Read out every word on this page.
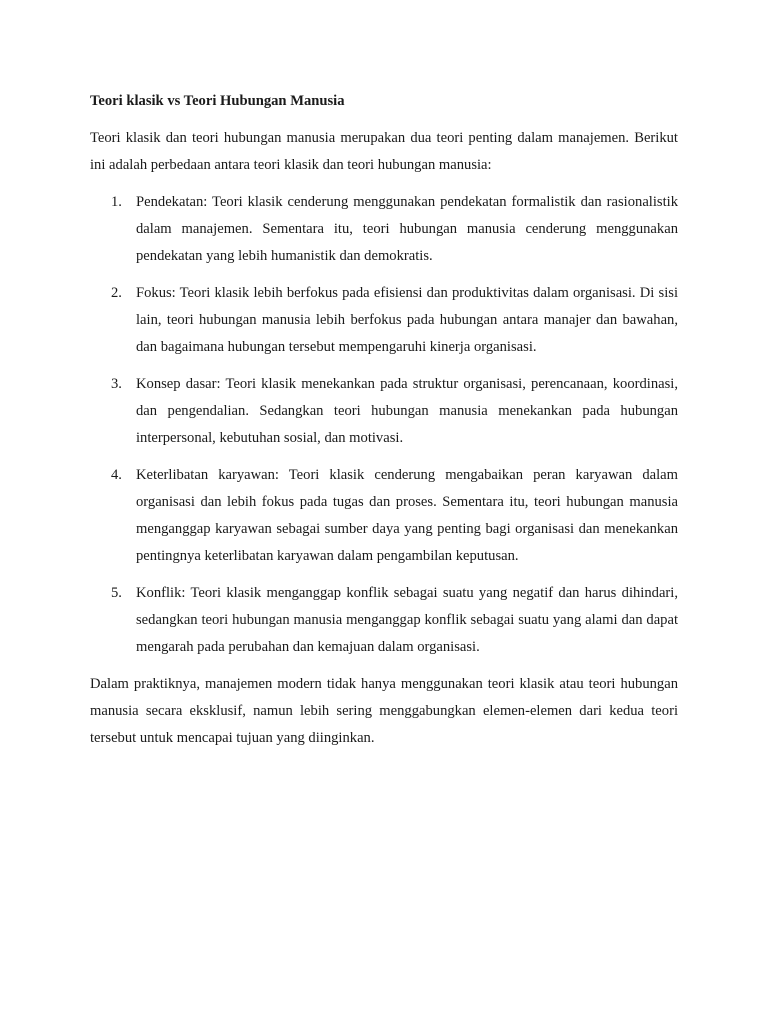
Teori klasik vs Teori Hubungan Manusia

Teori klasik dan teori hubungan manusia merupakan dua teori penting dalam manajemen. Berikut ini adalah perbedaan antara teori klasik dan teori hubungan manusia:

1. Pendekatan: Teori klasik cenderung menggunakan pendekatan formalistik dan rasionalistik dalam manajemen. Sementara itu, teori hubungan manusia cenderung menggunakan pendekatan yang lebih humanistik dan demokratis.
2. Fokus: Teori klasik lebih berfokus pada efisiensi dan produktivitas dalam organisasi. Di sisi lain, teori hubungan manusia lebih berfokus pada hubungan antara manajer dan bawahan, dan bagaimana hubungan tersebut mempengaruhi kinerja organisasi.
3. Konsep dasar: Teori klasik menekankan pada struktur organisasi, perencanaan, koordinasi, dan pengendalian. Sedangkan teori hubungan manusia menekankan pada hubungan interpersonal, kebutuhan sosial, dan motivasi.
4. Keterlibatan karyawan: Teori klasik cenderung mengabaikan peran karyawan dalam organisasi dan lebih fokus pada tugas dan proses. Sementara itu, teori hubungan manusia menganggap karyawan sebagai sumber daya yang penting bagi organisasi dan menekankan pentingnya keterlibatan karyawan dalam pengambilan keputusan.
5. Konflik: Teori klasik menganggap konflik sebagai suatu yang negatif dan harus dihindari, sedangkan teori hubungan manusia menganggap konflik sebagai suatu yang alami dan dapat mengarah pada perubahan dan kemajuan dalam organisasi.

Dalam praktiknya, manajemen modern tidak hanya menggunakan teori klasik atau teori hubungan manusia secara eksklusif, namun lebih sering menggabungkan elemen-elemen dari kedua teori tersebut untuk mencapai tujuan yang diinginkan.
